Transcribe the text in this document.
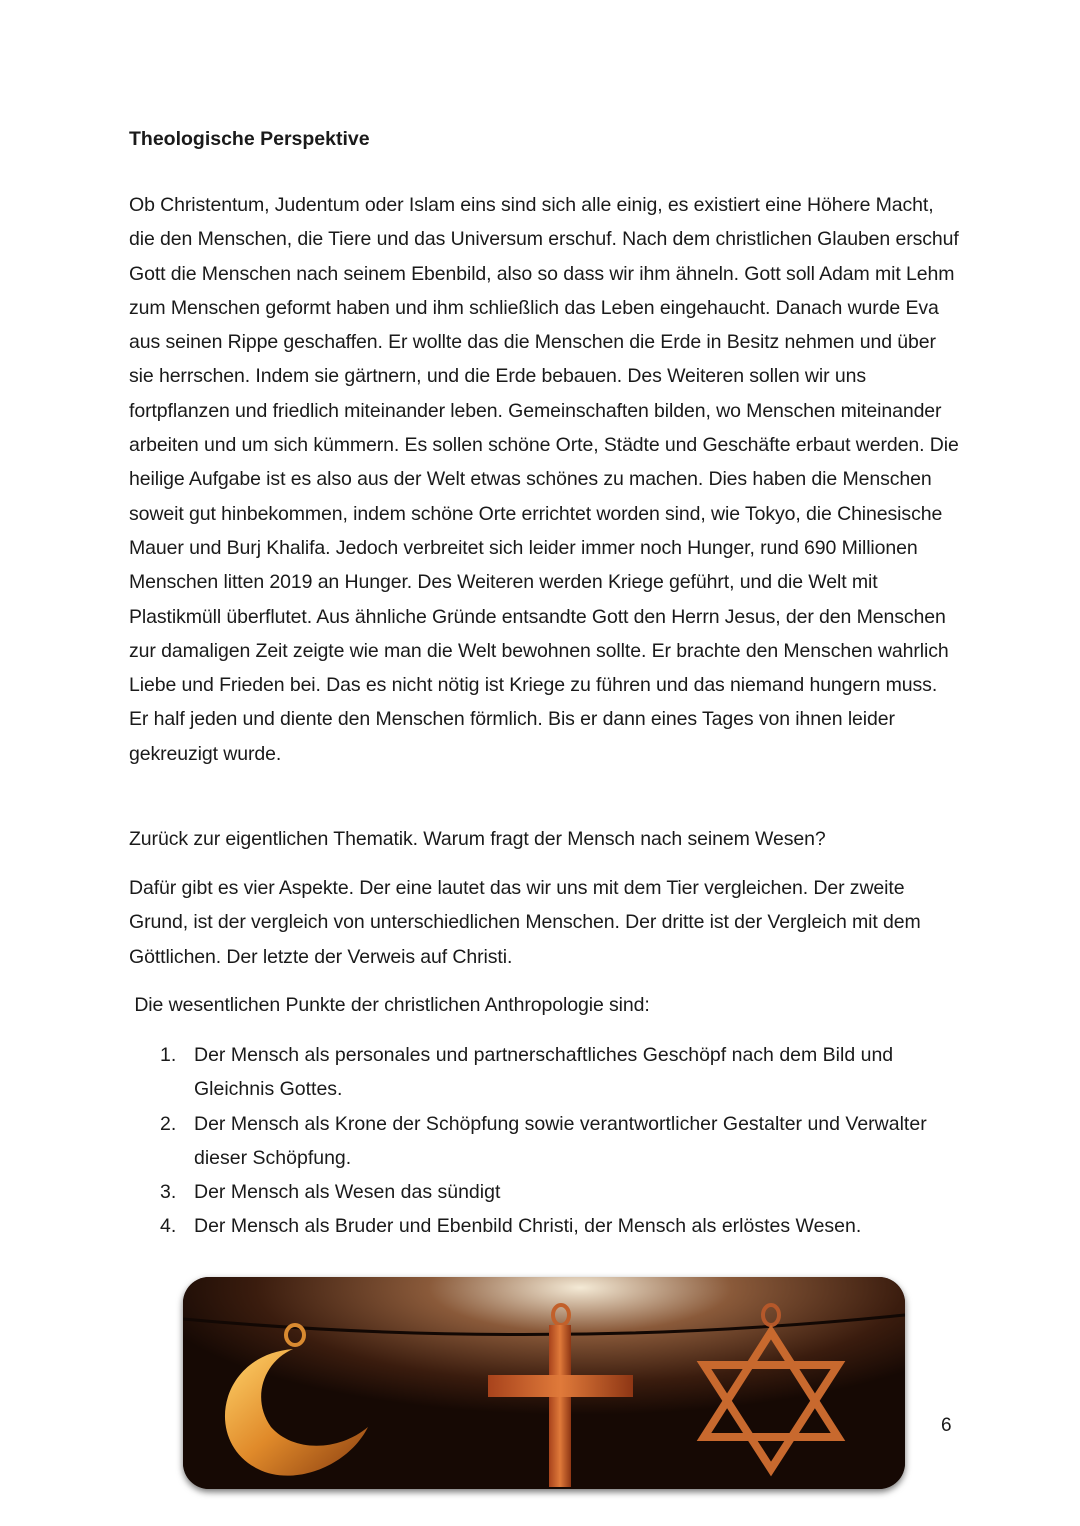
Theologische Perspektive

Ob Christentum, Judentum oder Islam eins sind sich alle einig, es existiert eine Höhere Macht, die den Menschen, die Tiere und das Universum erschuf. Nach dem christlichen Glauben erschuf Gott die Menschen nach seinem Ebenbild, also so dass wir ihm ähneln. Gott soll Adam mit Lehm zum Menschen geformt haben und ihm schließlich das Leben eingehaucht. Danach wurde Eva aus seinen Rippe geschaffen. Er wollte das die Menschen die Erde in Besitz nehmen und über sie herrschen. Indem sie gärtnern, und die Erde bebauen. Des Weiteren sollen wir uns fortpflanzen und friedlich miteinander leben. Gemeinschaften bilden, wo Menschen miteinander arbeiten und um sich kümmern. Es sollen schöne Orte, Städte und Geschäfte erbaut werden. Die heilige Aufgabe ist es also aus der Welt etwas schönes zu machen. Dies haben die Menschen soweit gut hinbekommen, indem schöne Orte errichtet worden sind, wie Tokyo, die Chinesische Mauer und Burj Khalifa. Jedoch verbreitet sich leider immer noch Hunger, rund 690 Millionen Menschen litten 2019 an Hunger. Des Weiteren werden Kriege geführt, und die Welt mit Plastikmüll überflutet. Aus ähnliche Gründe entsandte Gott den Herrn Jesus, der den Menschen zur damaligen Zeit zeigte wie man die Welt bewohnen sollte. Er brachte den Menschen wahrlich Liebe und Frieden bei. Das es nicht nötig ist Kriege zu führen und das niemand hungern muss. Er half jeden und diente den Menschen förmlich. Bis er dann eines Tages von ihnen leider gekreuzigt wurde.

Zurück zur eigentlichen Thematik. Warum fragt der Mensch nach seinem Wesen?

Dafür gibt es vier Aspekte. Der eine lautet das wir uns mit dem Tier vergleichen. Der zweite Grund, ist der vergleich von unterschiedlichen Menschen. Der dritte ist der Vergleich mit dem Göttlichen. Der letzte der Verweis auf Christi.

Die wesentlichen Punkte der christlichen Anthropologie sind:

1. Der Mensch als personales und partnerschaftliches Geschöpf nach dem Bild und Gleichnis Gottes.
2. Der Mensch als Krone der Schöpfung sowie verantwortlicher Gestalter und Verwalter dieser Schöpfung.
3. Der Mensch als Wesen das sündigt
4. Der Mensch als Bruder und Ebenbild Christi, der Mensch als erlöstes Wesen.
6
